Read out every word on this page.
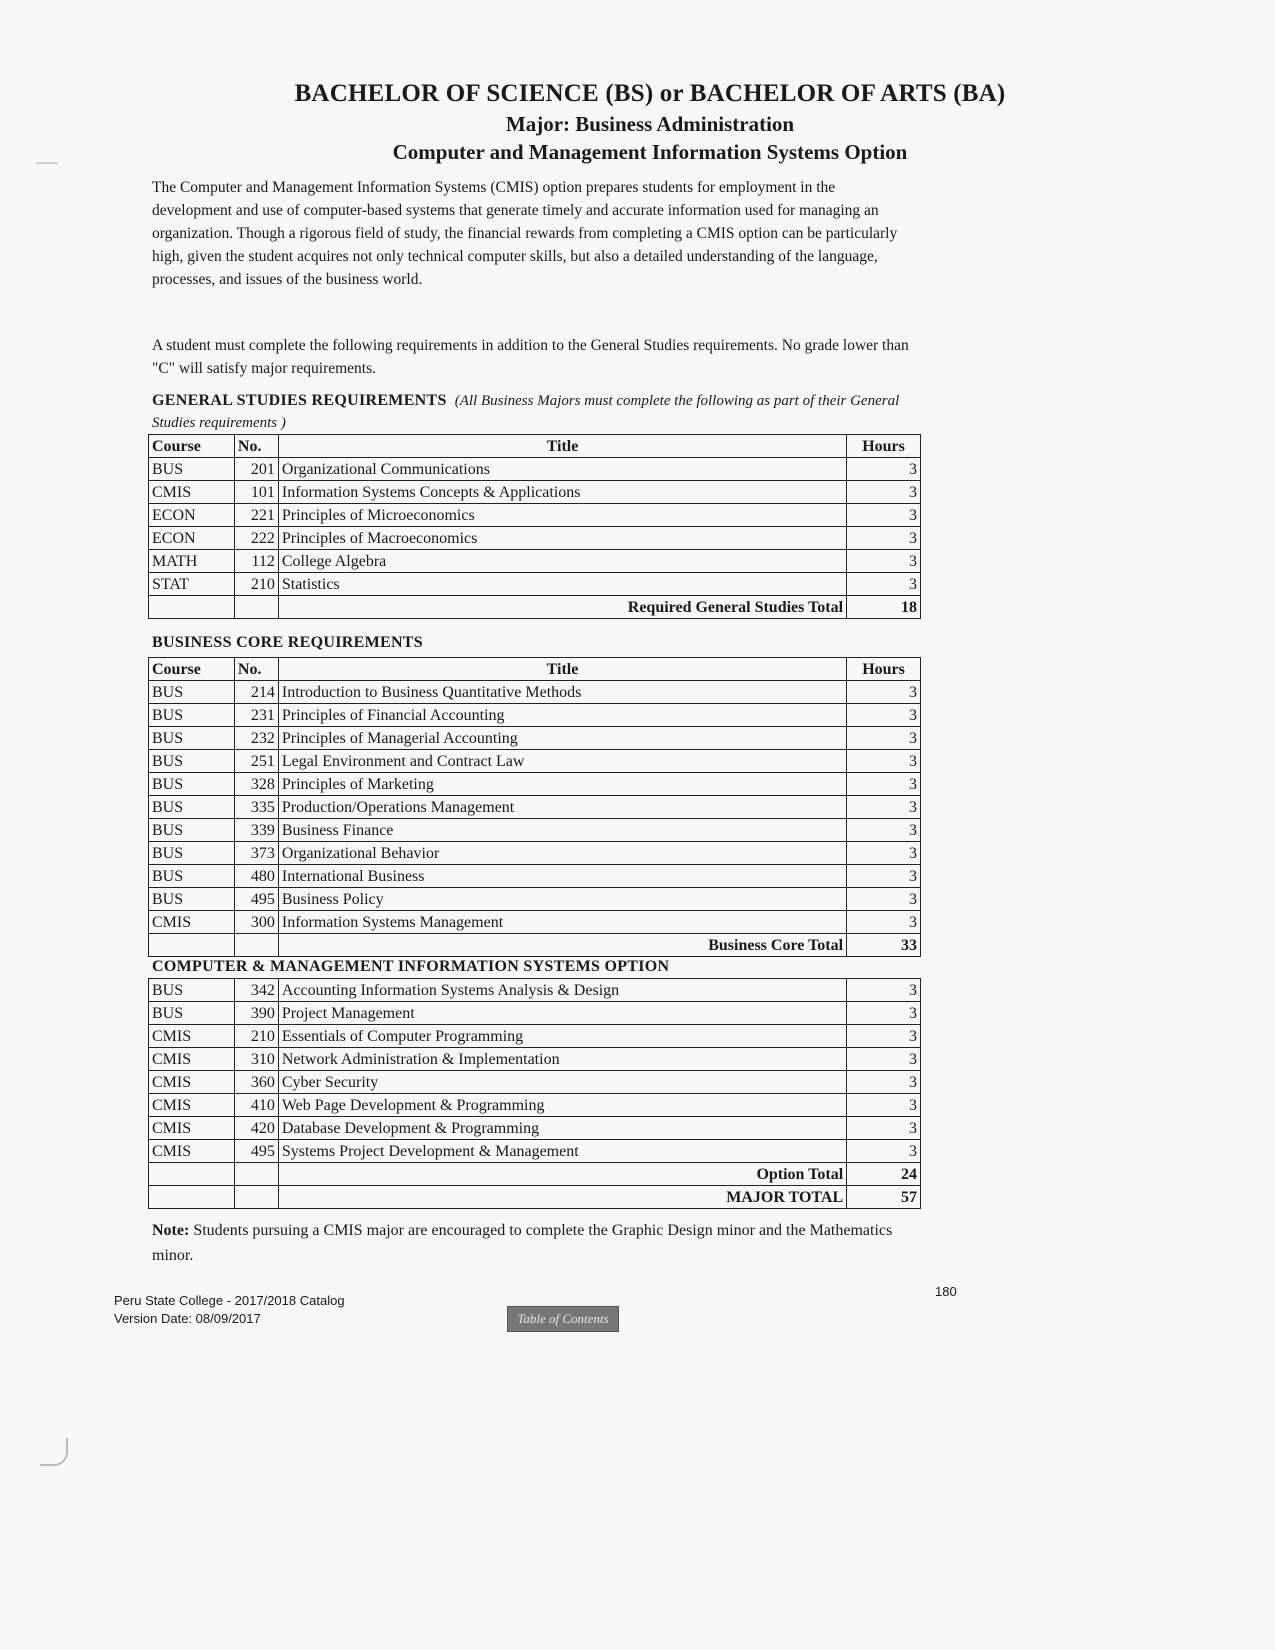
BACHELOR OF SCIENCE (BS) or BACHELOR OF ARTS (BA)
Major: Business Administration
Computer and Management Information Systems Option

The Computer and Management Information Systems (CMIS) option prepares students for employment in the development and use of computer-based systems that generate timely and accurate information used for managing an organization. Though a rigorous field of study, the financial rewards from completing a CMIS option can be particularly high, given the student acquires not only technical computer skills, but also a detailed understanding of the language, processes, and issues of the business world.

A student must complete the following requirements in addition to the General Studies requirements. No grade lower than "C" will satisfy major requirements.

GENERAL STUDIES REQUIREMENTS (All Business Majors must complete the following as part of their General Studies requirements )

Course	No.	Title	Hours
BUS	201	Organizational Communications	3
CMIS	101	Information Systems Concepts & Applications	3
ECON	221	Principles of Microeconomics	3
ECON	222	Principles of Macroeconomics	3
MATH	112	College Algebra	3
STAT	210	Statistics	3
		Required General Studies Total	18
BUSINESS CORE REQUIREMENTS
Course	No.	Title	Hours
BUS	214	Introduction to Business Quantitative Methods	3
BUS	231	Principles of Financial Accounting	3
BUS	232	Principles of Managerial Accounting	3
BUS	251	Legal Environment and Contract Law	3
BUS	328	Principles of Marketing	3
BUS	335	Production/Operations Management	3
BUS	339	Business Finance	3
BUS	373	Organizational Behavior	3
BUS	480	International Business	3
BUS	495	Business Policy	3
CMIS	300	Information Systems Management	3
		Business Core Total	33
COMPUTER & MANAGEMENT INFORMATION SYSTEMS OPTION
BUS	342	Accounting Information Systems Analysis & Design	3
BUS	390	Project Management	3
CMIS	210	Essentials of Computer Programming	3
CMIS	310	Network Administration & Implementation	3
CMIS	360	Cyber Security	3
CMIS	410	Web Page Development & Programming	3
CMIS	420	Database Development & Programming	3
CMIS	495	Systems Project Development & Management	3
		Option Total	24
		MAJOR TOTAL	57

Note: Students pursuing a CMIS major are encouraged to complete the Graphic Design minor and the Mathematics minor.

Peru State College - 2017/2018 Catalog
Version Date: 08/09/2017
180
Table of Contents
